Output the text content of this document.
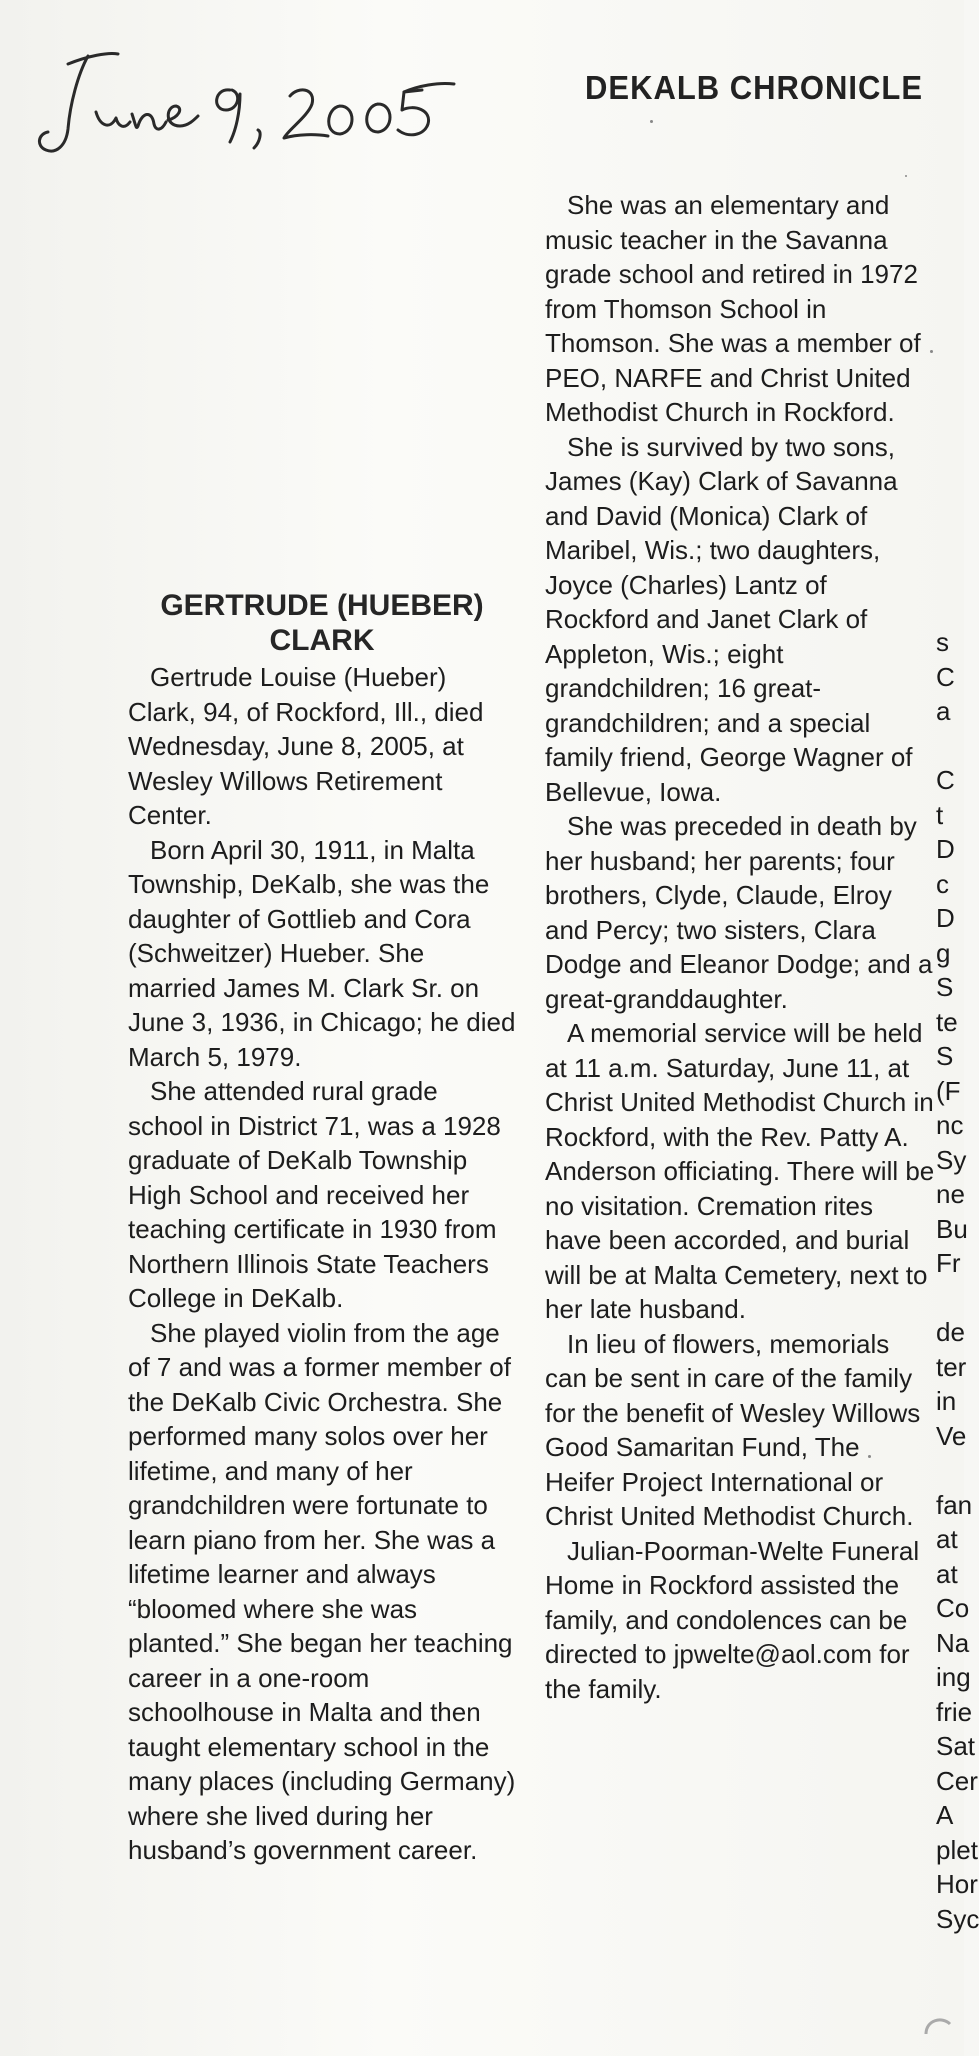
DEKALB CHRONICLE
GERTRUDE (HUEBER)
CLARK

Gertrude Louise (Hueber) Clark, 94, of Rockford, Ill., died Wednesday, June 8, 2005, at Wesley Willows Retirement Center.

Born April 30, 1911, in Malta Township, DeKalb, she was the daughter of Gottlieb and Cora (Schweitzer) Hueber. She married James M. Clark Sr. on June 3, 1936, in Chicago; he died March 5, 1979.

She attended rural grade school in District 71, was a 1928 graduate of DeKalb Township High School and received her teaching certificate in 1930 from Northern Illinois State Teachers College in DeKalb.

She played violin from the age of 7 and was a former member of the DeKalb Civic Orchestra. She performed many solos over her lifetime, and many of her grandchildren were fortunate to learn piano from her. She was a lifetime learner and always “bloomed where she was planted.” She began her teaching career in a one-room schoolhouse in Malta and then taught elementary school in the many places (including Germany) where she lived during her husband’s government career.

She was an elementary and music teacher in the Savanna grade school and retired in 1972 from Thomson School in Thomson. She was a member of PEO, NARFE and Christ United Methodist Church in Rockford.

She is survived by two sons, James (Kay) Clark of Savanna and David (Monica) Clark of Maribel, Wis.; two daughters, Joyce (Charles) Lantz of Rockford and Janet Clark of Appleton, Wis.; eight grandchildren; 16 great-grandchildren; and a special family friend, George Wagner of Bellevue, Iowa.

She was preceded in death by her husband; her parents; four brothers, Clyde, Claude, Elroy and Percy; two sisters, Clara Dodge and Eleanor Dodge; and a great-granddaughter.

A memorial service will be held at 11 a.m. Saturday, June 11, at Christ United Methodist Church in Rockford, with the Rev. Patty A. Anderson officiating. There will be no visitation. Cremation rites have been accorded, and burial will be at Malta Cemetery, next to her late husband.

In lieu of flowers, memorials can be sent in care of the family for the benefit of Wesley Willows Good Samaritan Fund, The Heifer Project International or Christ United Methodist Church.

Julian-Poorman-Welte Funeral Home in Rockford assisted the family, and condolences can be directed to jpwelte@aol.com for the family.

s
C
a
C
t
D
c
D
g
S
te
S
(F
nc
Sy
ne
Bu
Fr
de
ter
in
Ve
fan
at
at
Co
Na
ing
frie
Sat
Cer
A
plet
Hor
Syc
